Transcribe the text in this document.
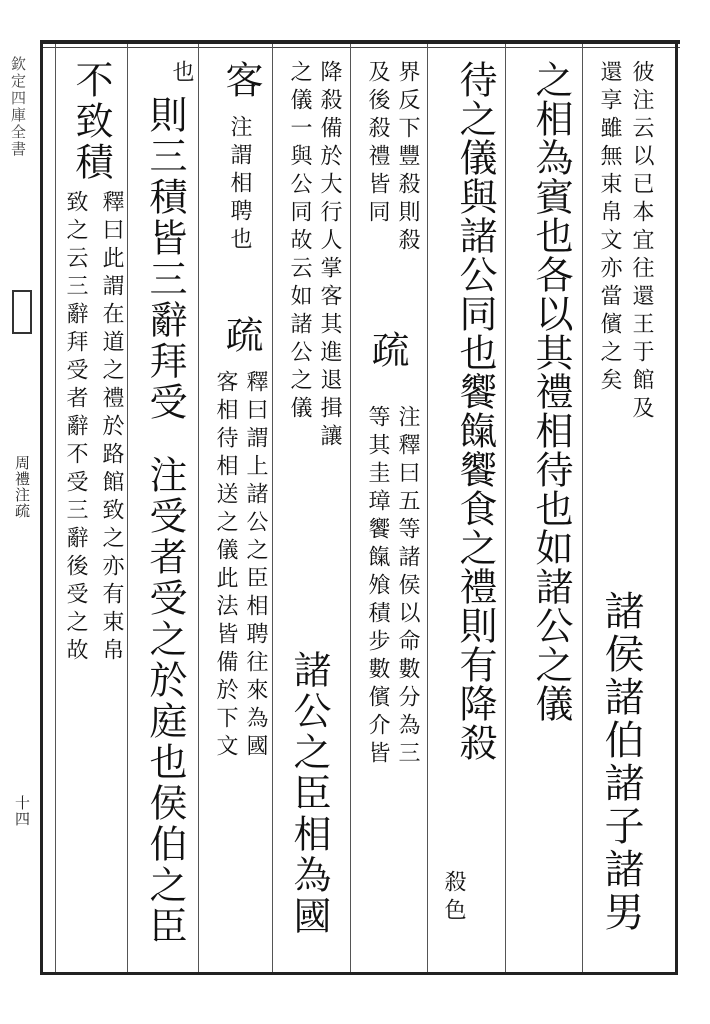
欽定四庫全書
周禮注疏
十四
彼注云以已本宜往還王于館及
還享雖無束帛文亦當儐之矣
諸侯諸伯諸子諸男
之相為賓也各以其禮相待也如諸公之儀
待之儀與諸公同也饗餼饗食之禮則有降殺
殺色
界反下豐殺則殺
疏
注釋曰五等諸侯以命數分為三
及後殺禮皆同
等其圭璋饗餼飧積步數儐介皆
降殺備於大行人掌客其進退揖讓
諸公之臣相為國
之儀一與公同故云如諸公之儀
客
注謂相聘也
疏
釋曰謂上諸公之臣相聘往來為國
客相待相送之儀此法皆備於下文
也
則三積皆三辭拜受
注受者受之於庭也侯伯之臣
不致積
釋曰此謂在道之禮於路館致之亦有束帛
致之云三辭拜受者辭不受三辭後受之故
